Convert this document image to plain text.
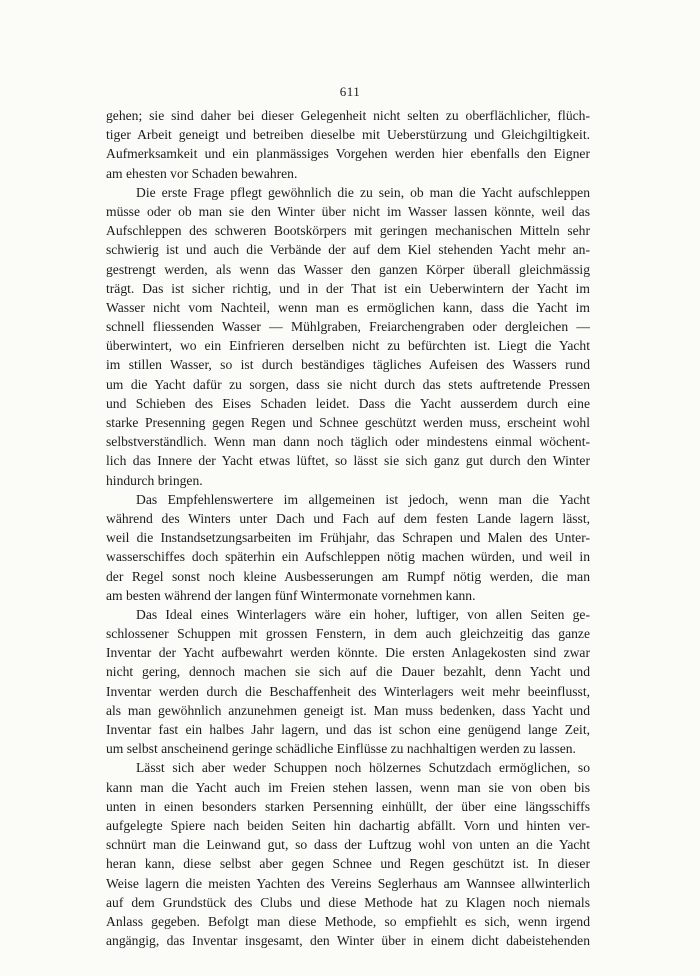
611
gehen; sie sind daher bei dieser Gelegenheit nicht selten zu oberflächlicher, flüch-
tiger Arbeit geneigt und betreiben dieselbe mit Ueberstürzung und Gleichgiltigkeit.
Aufmerksamkeit und ein planmässiges Vorgehen werden hier ebenfalls den Eigner
am ehesten vor Schaden bewahren.
Die erste Frage pflegt gewöhnlich die zu sein, ob man die Yacht aufschleppen
müsse oder ob man sie den Winter über nicht im Wasser lassen könnte, weil das
Aufschleppen des schweren Bootskörpers mit geringen mechanischen Mitteln sehr
schwierig ist und auch die Verbände der auf dem Kiel stehenden Yacht mehr an-
gestrengt werden, als wenn das Wasser den ganzen Körper überall gleichmässig
trägt. Das ist sicher richtig, und in der That ist ein Ueberwintern der Yacht im
Wasser nicht vom Nachteil, wenn man es ermöglichen kann, dass die Yacht im
schnell fliessenden Wasser — Mühlgraben, Freiarchengraben oder dergleichen —
überwintert, wo ein Einfrieren derselben nicht zu befürchten ist. Liegt die Yacht
im stillen Wasser, so ist durch beständiges tägliches Aufeisen des Wassers rund
um die Yacht dafür zu sorgen, dass sie nicht durch das stets auftretende Pressen
und Schieben des Eises Schaden leidet. Dass die Yacht ausserdem durch eine
starke Presenning gegen Regen und Schnee geschützt werden muss, erscheint wohl
selbstverständlich. Wenn man dann noch täglich oder mindestens einmal wöchent-
lich das Innere der Yacht etwas lüftet, so lässt sie sich ganz gut durch den Winter
hindurch bringen.
Das Empfehlenswertere im allgemeinen ist jedoch, wenn man die Yacht
während des Winters unter Dach und Fach auf dem festen Lande lagern lässt,
weil die Instandsetzungsarbeiten im Frühjahr, das Schrapen und Malen des Unter-
wasserschiffes doch späterhin ein Aufschleppen nötig machen würden, und weil in
der Regel sonst noch kleine Ausbesserungen am Rumpf nötig werden, die man
am besten während der langen fünf Wintermonate vornehmen kann.
Das Ideal eines Winterlagers wäre ein hoher, luftiger, von allen Seiten ge-
schlossener Schuppen mit grossen Fenstern, in dem auch gleichzeitig das ganze
Inventar der Yacht aufbewahrt werden könnte. Die ersten Anlagekosten sind zwar
nicht gering, dennoch machen sie sich auf die Dauer bezahlt, denn Yacht und
Inventar werden durch die Beschaffenheit des Winterlagers weit mehr beeinflusst,
als man gewöhnlich anzunehmen geneigt ist. Man muss bedenken, dass Yacht und
Inventar fast ein halbes Jahr lagern, und das ist schon eine genügend lange Zeit,
um selbst anscheinend geringe schädliche Einflüsse zu nachhaltigen werden zu lassen.
Lässt sich aber weder Schuppen noch hölzernes Schutzdach ermöglichen, so
kann man die Yacht auch im Freien stehen lassen, wenn man sie von oben bis
unten in einen besonders starken Persenning einhüllt, der über eine längsschiffs
aufgelegte Spiere nach beiden Seiten hin dachartig abfällt. Vorn und hinten ver-
schnürt man die Leinwand gut, so dass der Luftzug wohl von unten an die Yacht
heran kann, diese selbst aber gegen Schnee und Regen geschützt ist. In dieser
Weise lagern die meisten Yachten des Vereins Seglerhaus am Wannsee allwinterlich
auf dem Grundstück des Clubs und diese Methode hat zu Klagen noch niemals
Anlass gegeben. Befolgt man diese Methode, so empfiehlt es sich, wenn irgend
angängig, das Inventar insgesamt, den Winter über in einem dicht dabeistehenden
